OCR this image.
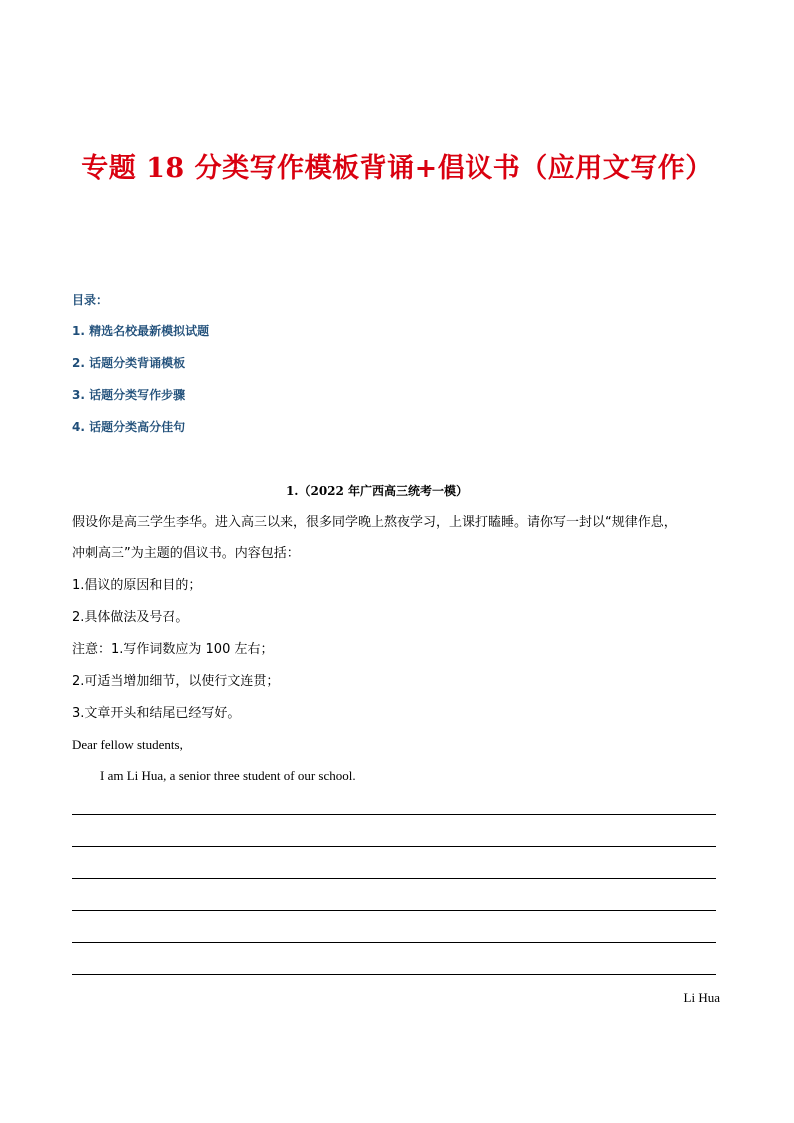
专题 18 分类写作模板背诵+倡议书（应用文写作）
目录：
1. 精选名校最新模拟试题
2. 话题分类背诵模板
3. 话题分类写作步骤
4. 话题分类高分佳句
1.（2022 年广西高三统考一模）
假设你是高三学生李华。进入高三以来，很多同学晚上熬夜学习，上课打瞌睡。请你写一封以“规律作息，
冲刺高三”为主题的倡议书。内容包括：
1.倡议的原因和目的；
2.具体做法及号召。
注意：1.写作词数应为 100 左右；
2.可适当增加细节，以使行文连贯；
3.文章开头和结尾已经写好。
Dear fellow students,
I am Li Hua, a senior three student of our school.
Li Hua
